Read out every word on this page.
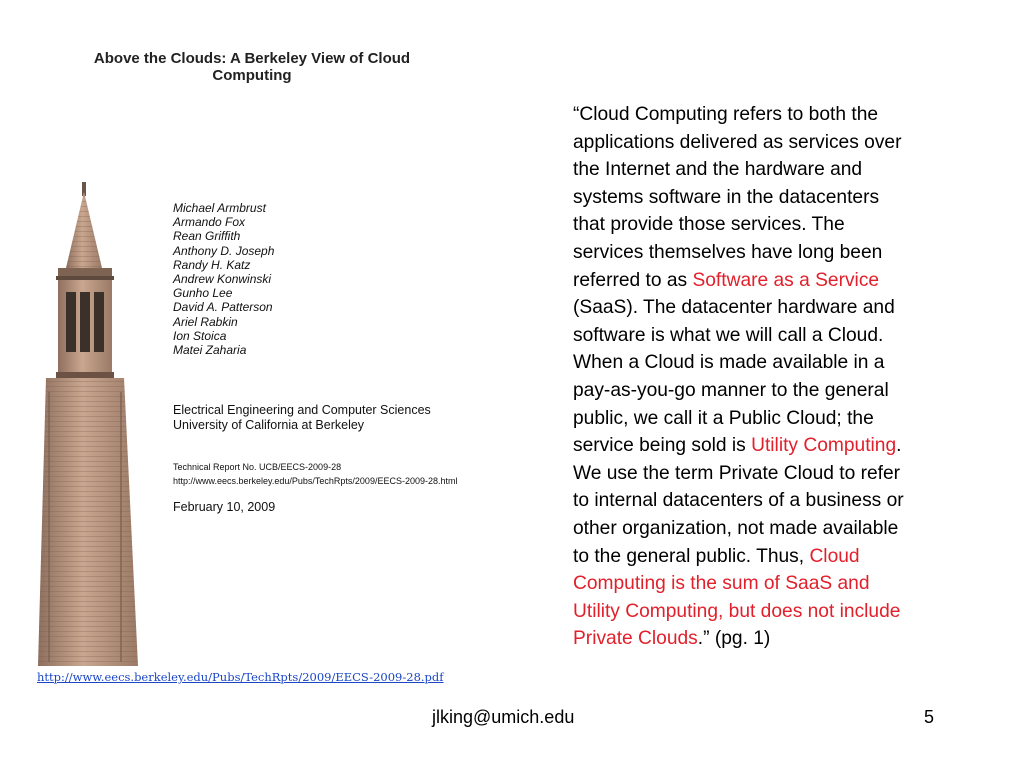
Above the Clouds: A Berkeley View of Cloud
Computing
Michael Armbrust
Armando Fox
Rean Griffith
Anthony D. Joseph
Randy H. Katz
Andrew Konwinski
Gunho Lee
David A. Patterson
Ariel Rabkin
Ion Stoica
Matei Zaharia
Electrical Engineering and Computer Sciences
University of California at Berkeley
Technical Report No. UCB/EECS-2009-28
http://www.eecs.berkeley.edu/Pubs/TechRpts/2009/EECS-2009-28.html
February 10, 2009
http://www.eecs.berkeley.edu/Pubs/TechRpts/2009/EECS-2009-28.pdf
“Cloud Computing refers to both the
applications delivered as services over
the Internet and the hardware and
systems software in the datacenters
that provide those services. The
services themselves have long been
referred to as Software as a Service
(SaaS). The datacenter hardware and
software is what we will call a Cloud.
When a Cloud is made available in a
pay-as-you-go manner to the general
public, we call it a Public Cloud; the
service being sold is Utility Computing.
We use the term Private Cloud to refer
to internal datacenters of a business or
other organization, not made available
to the general public. Thus, Cloud
Computing is the sum of SaaS and
Utility Computing, but does not include
Private Clouds.” (pg. 1)
jlking@umich.edu	5
